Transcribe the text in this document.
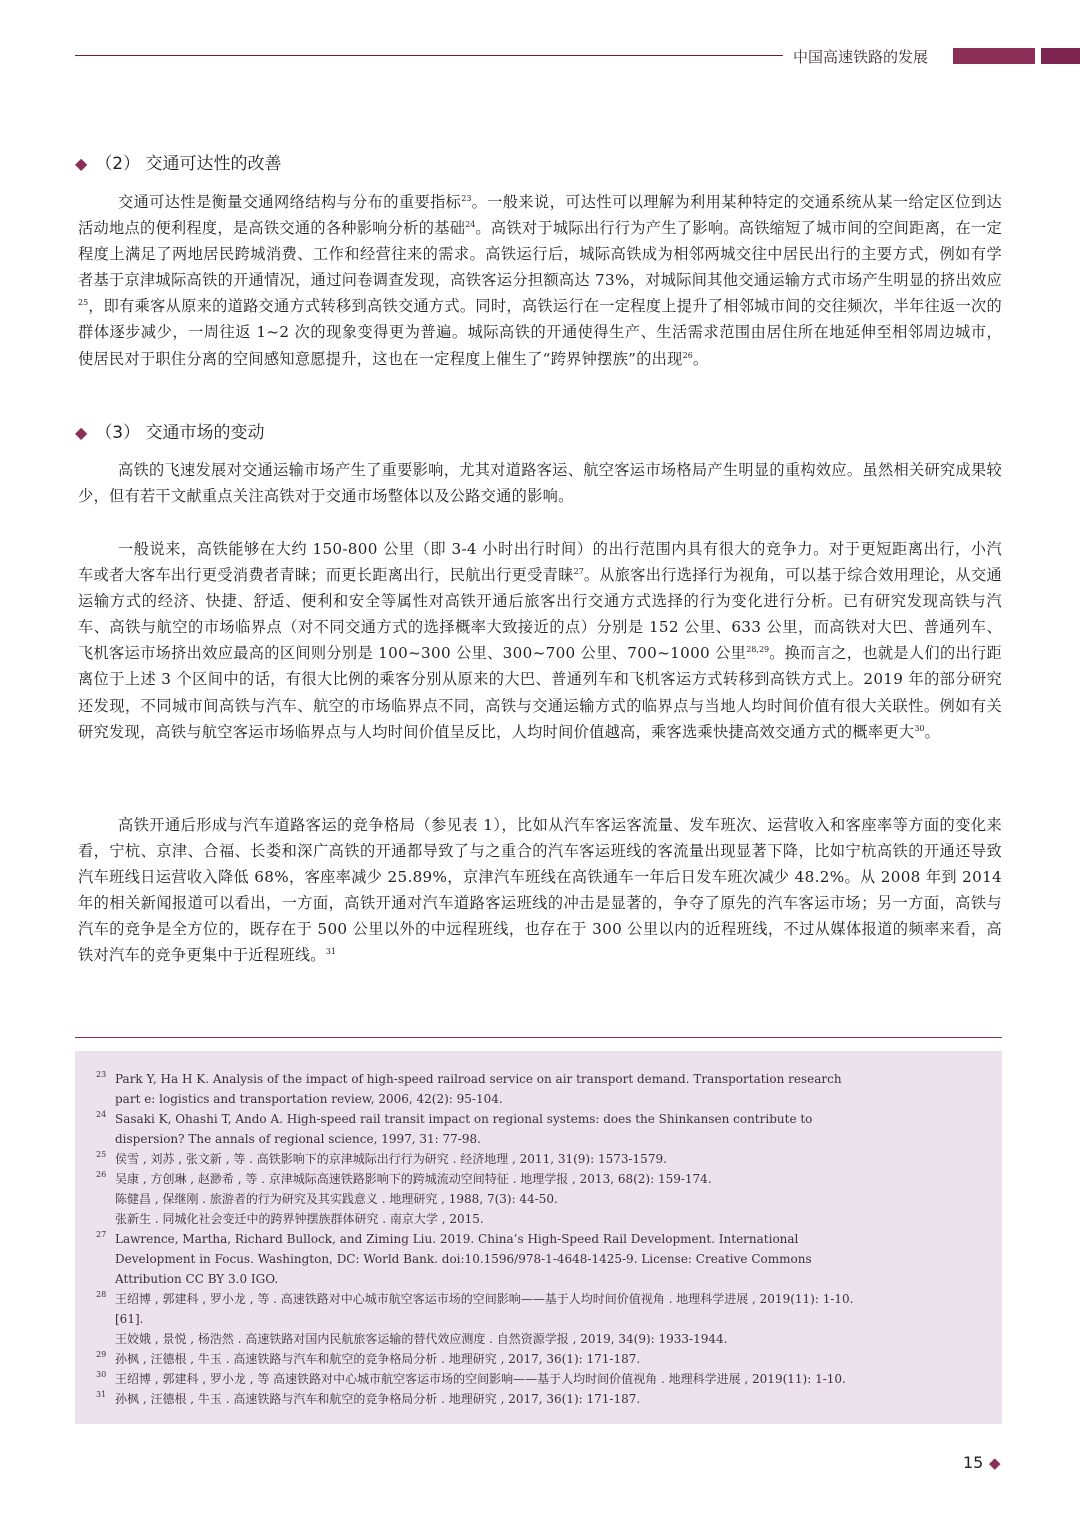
中国高速铁路的发展
◆ （2） 交通可达性的改善

交通可达性是衡量交通网络结构与分布的重要指标$^{23}$。一般来说，可达性可以理解为利用某种特定的交通系统从某一给定区位到达活动地点的便利程度，是高铁交通的各种影响分析的基础$^{24}$。高铁对于城际出行行为产生了影响。高铁缩短了城市间的空间距离，在一定程度上满足了两地居民跨城消费、工作和经营往来的需求。高铁运行后，城际高铁成为相邻两城交往中居民出行的主要方式，例如有学者基于京津城际高铁的开通情况，通过问卷调查发现，高铁客运分担额高达 73%，对城际间其他交通运输方式市场产生明显的挤出效应$^{25}$，即有乘客从原来的道路交通方式转移到高铁交通方式。同时，高铁运行在一定程度上提升了相邻城市间的交往频次，半年往返一次的群体逐步减少，一周往返 1~2 次的现象变得更为普遍。城际高铁的开通使得生产、生活需求范围由居住所在地延伸至相邻周边城市，使居民对于职住分离的空间感知意愿提升，这也在一定程度上催生了“跨界钟摆族”的出现$^{26}$。

◆ （3） 交通市场的变动

高铁的飞速发展对交通运输市场产生了重要影响，尤其对道路客运、航空客运市场格局产生明显的重构效应。虽然相关研究成果较少，但有若干文献重点关注高铁对于交通市场整体以及公路交通的影响。

一般说来，高铁能够在大约 150-800 公里（即 3-4 小时出行时间）的出行范围内具有很大的竞争力。对于更短距离出行，小汽车或者大客车出行更受消费者青睐；而更长距离出行，民航出行更受青睐$^{27}$。从旅客出行选择行为视角，可以基于综合效用理论，从交通运输方式的经济、快捷、舒适、便利和安全等属性对高铁开通后旅客出行交通方式选择的行为变化进行分析。已有研究发现高铁与汽车、高铁与航空的市场临界点（对不同交通方式的选择概率大致接近的点）分别是 152 公里、633 公里，而高铁对大巴、普通列车、飞机客运市场挤出效应最高的区间则分别是 100~300 公里、300~700 公里、700~1000 公里$^{28,29}$。换而言之，也就是人们的出行距离位于上述 3 个区间中的话，有很大比例的乘客分别从原来的大巴、普通列车和飞机客运方式转移到高铁方式上。2019 年的部分研究还发现，不同城市间高铁与汽车、航空的市场临界点不同，高铁与交通运输方式的临界点与当地人均时间价值有很大关联性。例如有关研究发现，高铁与航空客运市场临界点与人均时间价值呈反比，人均时间价值越高，乘客选乘快捷高效交通方式的概率更大$^{30}$。

高铁开通后形成与汽车道路客运的竞争格局（参见表 1），比如从汽车客运客流量、发车班次、运营收入和客座率等方面的变化来看，宁杭、京津、合福、长娄和深广高铁的开通都导致了与之重合的汽车客运班线的客流量出现显著下降，比如宁杭高铁的开通还导致汽车班线日运营收入降低 68%，客座率减少 25.89%，京津汽车班线在高铁通车一年后日发车班次减少 48.2%。从 2008 年到 2014 年的相关新闻报道可以看出，一方面，高铁开通对汽车道路客运班线的冲击是显著的，争夺了原先的汽车客运市场；另一方面，高铁与汽车的竞争是全方位的，既存在于 500 公里以外的中远程班线，也存在于 300 公里以内的近程班线，不过从媒体报道的频率来看，高铁对汽车的竞争更集中于近程班线。$^{31}$

23 Park Y, Ha H K. Analysis of the impact of high-speed railroad service on air transport demand. Transportation research
part e: logistics and transportation review, 2006, 42(2): 95-104.
24 Sasaki K, Ohashi T, Ando A. High-speed rail transit impact on regional systems: does the Shinkansen contribute to
dispersion? The annals of regional science, 1997, 31: 77-98.
25 侯雪 , 刘苏 , 张文新 , 等 . 高铁影响下的京津城际出行行为研究 . 经济地理 , 2011, 31(9): 1573-1579.
26 吴康 , 方创琳 , 赵渺希 , 等 . 京津城际高速铁路影响下的跨城流动空间特征 . 地理学报 , 2013, 68(2): 159-174.
陈健昌 , 保继刚 . 旅游者的行为研究及其实践意义 . 地理研究 , 1988, 7(3): 44-50.
张新生 . 同城化社会变迁中的跨界钟摆族群体研究 . 南京大学 , 2015.
27 Lawrence, Martha, Richard Bullock, and Ziming Liu. 2019. China’s High-Speed Rail Development. International
Development in Focus. Washington, DC: World Bank. doi:10.1596/978-1-4648-1425-9. License: Creative Commons
Attribution CC BY 3.0 IGO.
28 王绍博 , 郭建科 , 罗小龙 , 等 . 高速铁路对中心城市航空客运市场的空间影响——基于人均时间价值视角 . 地理科学进展 , 2019(11): 1-10.
[61].
王姣娥 , 景悦 , 杨浩然 . 高速铁路对国内民航旅客运输的替代效应测度 . 自然资源学报 , 2019, 34(9): 1933-1944.
29 孙枫 , 汪德根 , 牛玉 . 高速铁路与汽车和航空的竞争格局分析 . 地理研究 , 2017, 36(1): 171-187.
30 王绍博 , 郭建科 , 罗小龙 , 等 高速铁路对中心城市航空客运市场的空间影响——基于人均时间价值视角 . 地理科学进展 , 2019(11): 1-10.
31 孙枫 , 汪德根 , 牛玉 . 高速铁路与汽车和航空的竞争格局分析 . 地理研究 , 2017, 36(1): 171-187.
15 ◆
